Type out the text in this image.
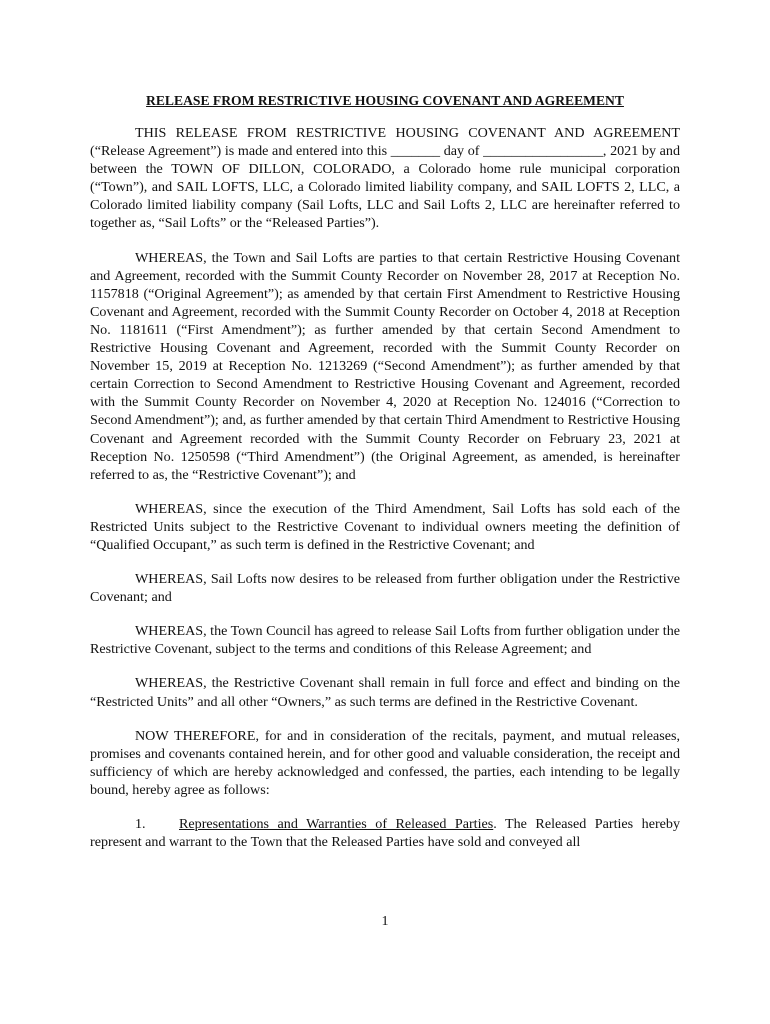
RELEASE FROM RESTRICTIVE HOUSING COVENANT AND AGREEMENT

THIS RELEASE FROM RESTRICTIVE HOUSING COVENANT AND AGREEMENT (“Release Agreement”) is made and entered into this _______ day of _________________, 2021 by and between the TOWN OF DILLON, COLORADO, a Colorado home rule municipal corporation (“Town”), and SAIL LOFTS, LLC, a Colorado limited liability company, and SAIL LOFTS 2, LLC, a Colorado limited liability company (Sail Lofts, LLC and Sail Lofts 2, LLC are hereinafter referred to together as, “Sail Lofts” or the “Released Parties”).

WHEREAS, the Town and Sail Lofts are parties to that certain Restrictive Housing Covenant and Agreement, recorded with the Summit County Recorder on November 28, 2017 at Reception No. 1157818 (“Original Agreement”); as amended by that certain First Amendment to Restrictive Housing Covenant and Agreement, recorded with the Summit County Recorder on October 4, 2018 at Reception No. 1181611 (“First Amendment”); as further amended by that certain Second Amendment to Restrictive Housing Covenant and Agreement, recorded with the Summit County Recorder on November 15, 2019 at Reception No. 1213269 (“Second Amendment”); as further amended by that certain Correction to Second Amendment to Restrictive Housing Covenant and Agreement, recorded with the Summit County Recorder on November 4, 2020 at Reception No. 124016 (“Correction to Second Amendment”); and, as further amended by that certain Third Amendment to Restrictive Housing Covenant and Agreement recorded with the Summit County Recorder on February 23, 2021 at Reception No. 1250598 (“Third Amendment”) (the Original Agreement, as amended, is hereinafter referred to as, the “Restrictive Covenant”); and

WHEREAS, since the execution of the Third Amendment, Sail Lofts has sold each of the Restricted Units subject to the Restrictive Covenant to individual owners meeting the definition of “Qualified Occupant,” as such term is defined in the Restrictive Covenant; and

WHEREAS, Sail Lofts now desires to be released from further obligation under the Restrictive Covenant; and

WHEREAS, the Town Council has agreed to release Sail Lofts from further obligation under the Restrictive Covenant, subject to the terms and conditions of this Release Agreement; and

WHEREAS, the Restrictive Covenant shall remain in full force and effect and binding on the “Restricted Units” and all other “Owners,” as such terms are defined in the Restrictive Covenant.

NOW THEREFORE, for and in consideration of the recitals, payment, and mutual releases, promises and covenants contained herein, and for other good and valuable consideration, the receipt and sufficiency of which are hereby acknowledged and confessed, the parties, each intending to be legally bound, hereby agree as follows:

1. Representations and Warranties of Released Parties. The Released Parties hereby represent and warrant to the Town that the Released Parties have sold and conveyed all

1
